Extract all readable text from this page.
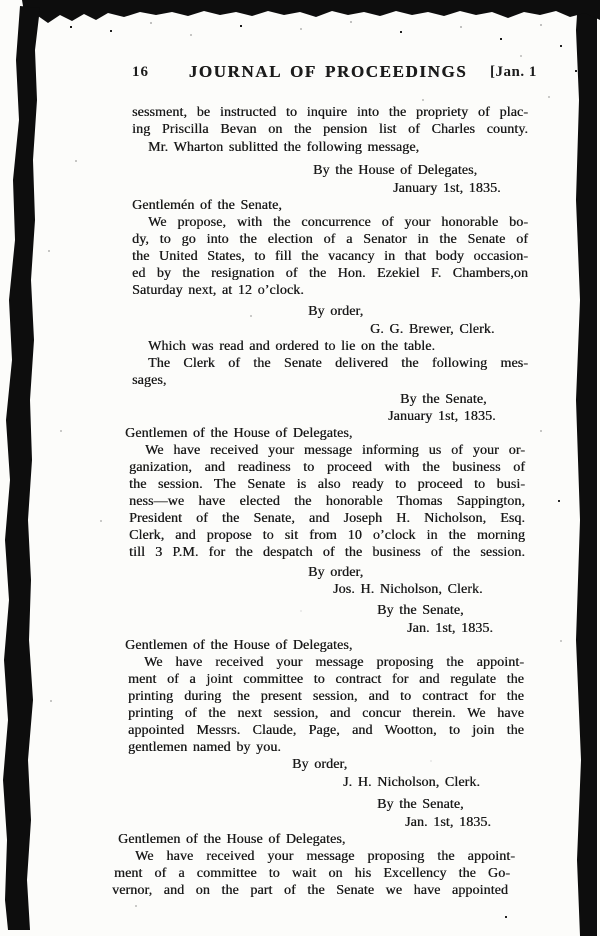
16	JOURNAL OF PROCEEDINGS	[Jan. 1
sessment, be instructed to inquire into the propriety of plac-
ing Priscilla Bevan on the pension list of Charles county.
Mr. Wharton sublitted the following message,
By the House of Delegates,
January 1st, 1835.
Gentlemén of the Senate,
We propose, with the concurrence of your honorable bo-
dy, to go into the election of a Senator in the Senate of
the United States, to fill the vacancy in that body occasion-
ed by the resignation of the Hon. Ezekiel F. Chambers,on
Saturday next, at 12 o’clock.
By order,
G. G. Brewer, Clerk.
Which was read and ordered to lie on the table.
The Clerk of the Senate delivered the following mes-
sages,
By the Senate,
January 1st, 1835.
Gentlemen of the House of Delegates,
We have received your message informing us of your or-
ganization, and readiness to proceed with the business of
the session. The Senate is also ready to proceed to busi-
ness—we have elected the honorable Thomas Sappington,
President of the Senate, and Joseph H. Nicholson, Esq.
Clerk, and propose to sit from 10 o’clock in the morning
till 3 P.M. for the despatch of the business of the session.
By order,
Jos. H. Nicholson, Clerk.
By the Senate,
Jan. 1st, 1835.
Gentlemen of the House of Delegates,
We have received your message proposing the appoint-
ment of a joint committee to contract for and regulate the
printing during the present session, and to contract for the
printing of the next session, and concur therein. We have
appointed Messrs. Claude, Page, and Wootton, to join the
gentlemen named by you.
By order,
J. H. Nicholson, Clerk.
By the Senate,
Jan. 1st, 1835.
Gentlemen of the House of Delegates,
We have received your message proposing the appoint-
ment of a committee to wait on his Excellency the Go-
vernor, and on the part of the Senate we have appointed
